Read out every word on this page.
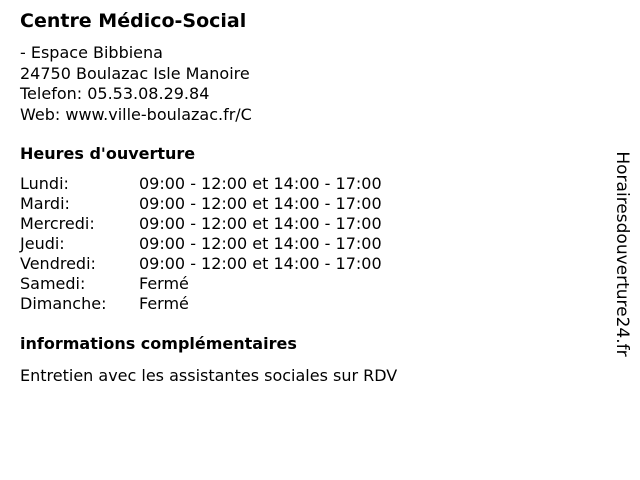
Centre Médico-Social
- Espace Bibbiena
24750 Boulazac Isle Manoire
Telefon: 05.53.08.29.84
Web: www.ville-boulazac.fr/C
Heures d'ouverture
Lundi:	09:00 - 12:00 et 14:00 - 17:00
Mardi:	09:00 - 12:00 et 14:00 - 17:00
Mercredi:	09:00 - 12:00 et 14:00 - 17:00
Jeudi:	09:00 - 12:00 et 14:00 - 17:00
Vendredi:	09:00 - 12:00 et 14:00 - 17:00
Samedi:	Fermé
Dimanche:	Fermé
informations complémentaires
Entretien avec les assistantes sociales sur RDV
Horairesdouverture24.fr
